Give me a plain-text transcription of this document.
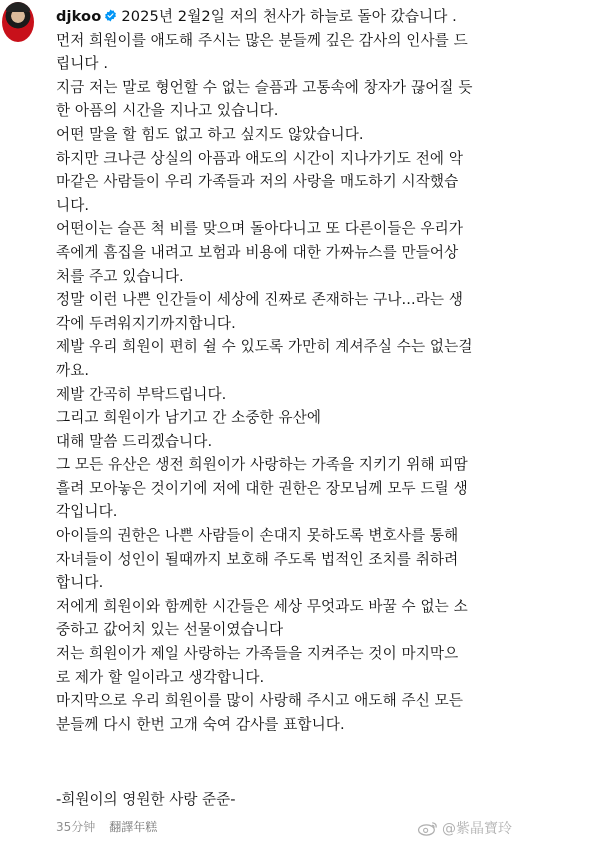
djkoo 2025년 2월2일 저의 천사가 하늘로 돌아 갔습니다 .
먼저 희원이를 애도해 주시는 많은 분들께 깊은 감사의 인사를 드
립니다 .
지금 저는 말로 형언할 수 없는 슬픔과 고통속에 창자가 끊어질 듯
한 아픔의 시간을 지나고 있습니다.
어떤 말을 할 힘도 없고 하고 싶지도 않았습니다.
하지만 크나큰 상실의 아픔과 애도의 시간이 지나가기도 전에 악
마같은 사람들이 우리 가족들과 저의 사랑을 매도하기 시작했습
니다.
어떤이는 슬픈 척 비를 맞으며 돌아다니고 또 다른이들은 우리가
족에게 흠집을 내려고 보험과 비용에 대한 가짜뉴스를 만들어상
처를 주고 있습니다.
정말 이런 나쁜 인간들이 세상에 진짜로 존재하는 구나...라는 생
각에 두려워지기까지합니다.
제발 우리 희원이 편히 쉴 수 있도록 가만히 계셔주실 수는 없는걸
까요.
제발 간곡히 부탁드립니다.
그리고 희원이가 남기고 간 소중한 유산에
대해 말씀 드리겠습니다.
그 모든 유산은 생전 희원이가 사랑하는 가족을 지키기 위해 피땀
흘려 모아놓은 것이기에 저에 대한 권한은 장모님께 모두 드릴 생
각입니다.
아이들의 권한은 나쁜 사람들이 손대지 못하도록 변호사를 통해
자녀들이 성인이 될때까지 보호해 주도록 법적인 조치를 취하려
합니다.
저에게 희원이와 함께한 시간들은 세상 무엇과도 바꿀 수 없는 소
중하고 값어치 있는 선물이였습니다
저는 희원이가 제일 사랑하는 가족들을 지켜주는 것이 마지막으
로 제가 할 일이라고 생각합니다.
마지막으로 우리 희원이를 많이 사랑해 주시고 애도해 주신 모든
분들께 다시 한번 고개 숙여 감사를 표합니다.
-희원이의 영원한 사랑 준준-
35分钟 翻譯年糕	@紫晶寶玲
